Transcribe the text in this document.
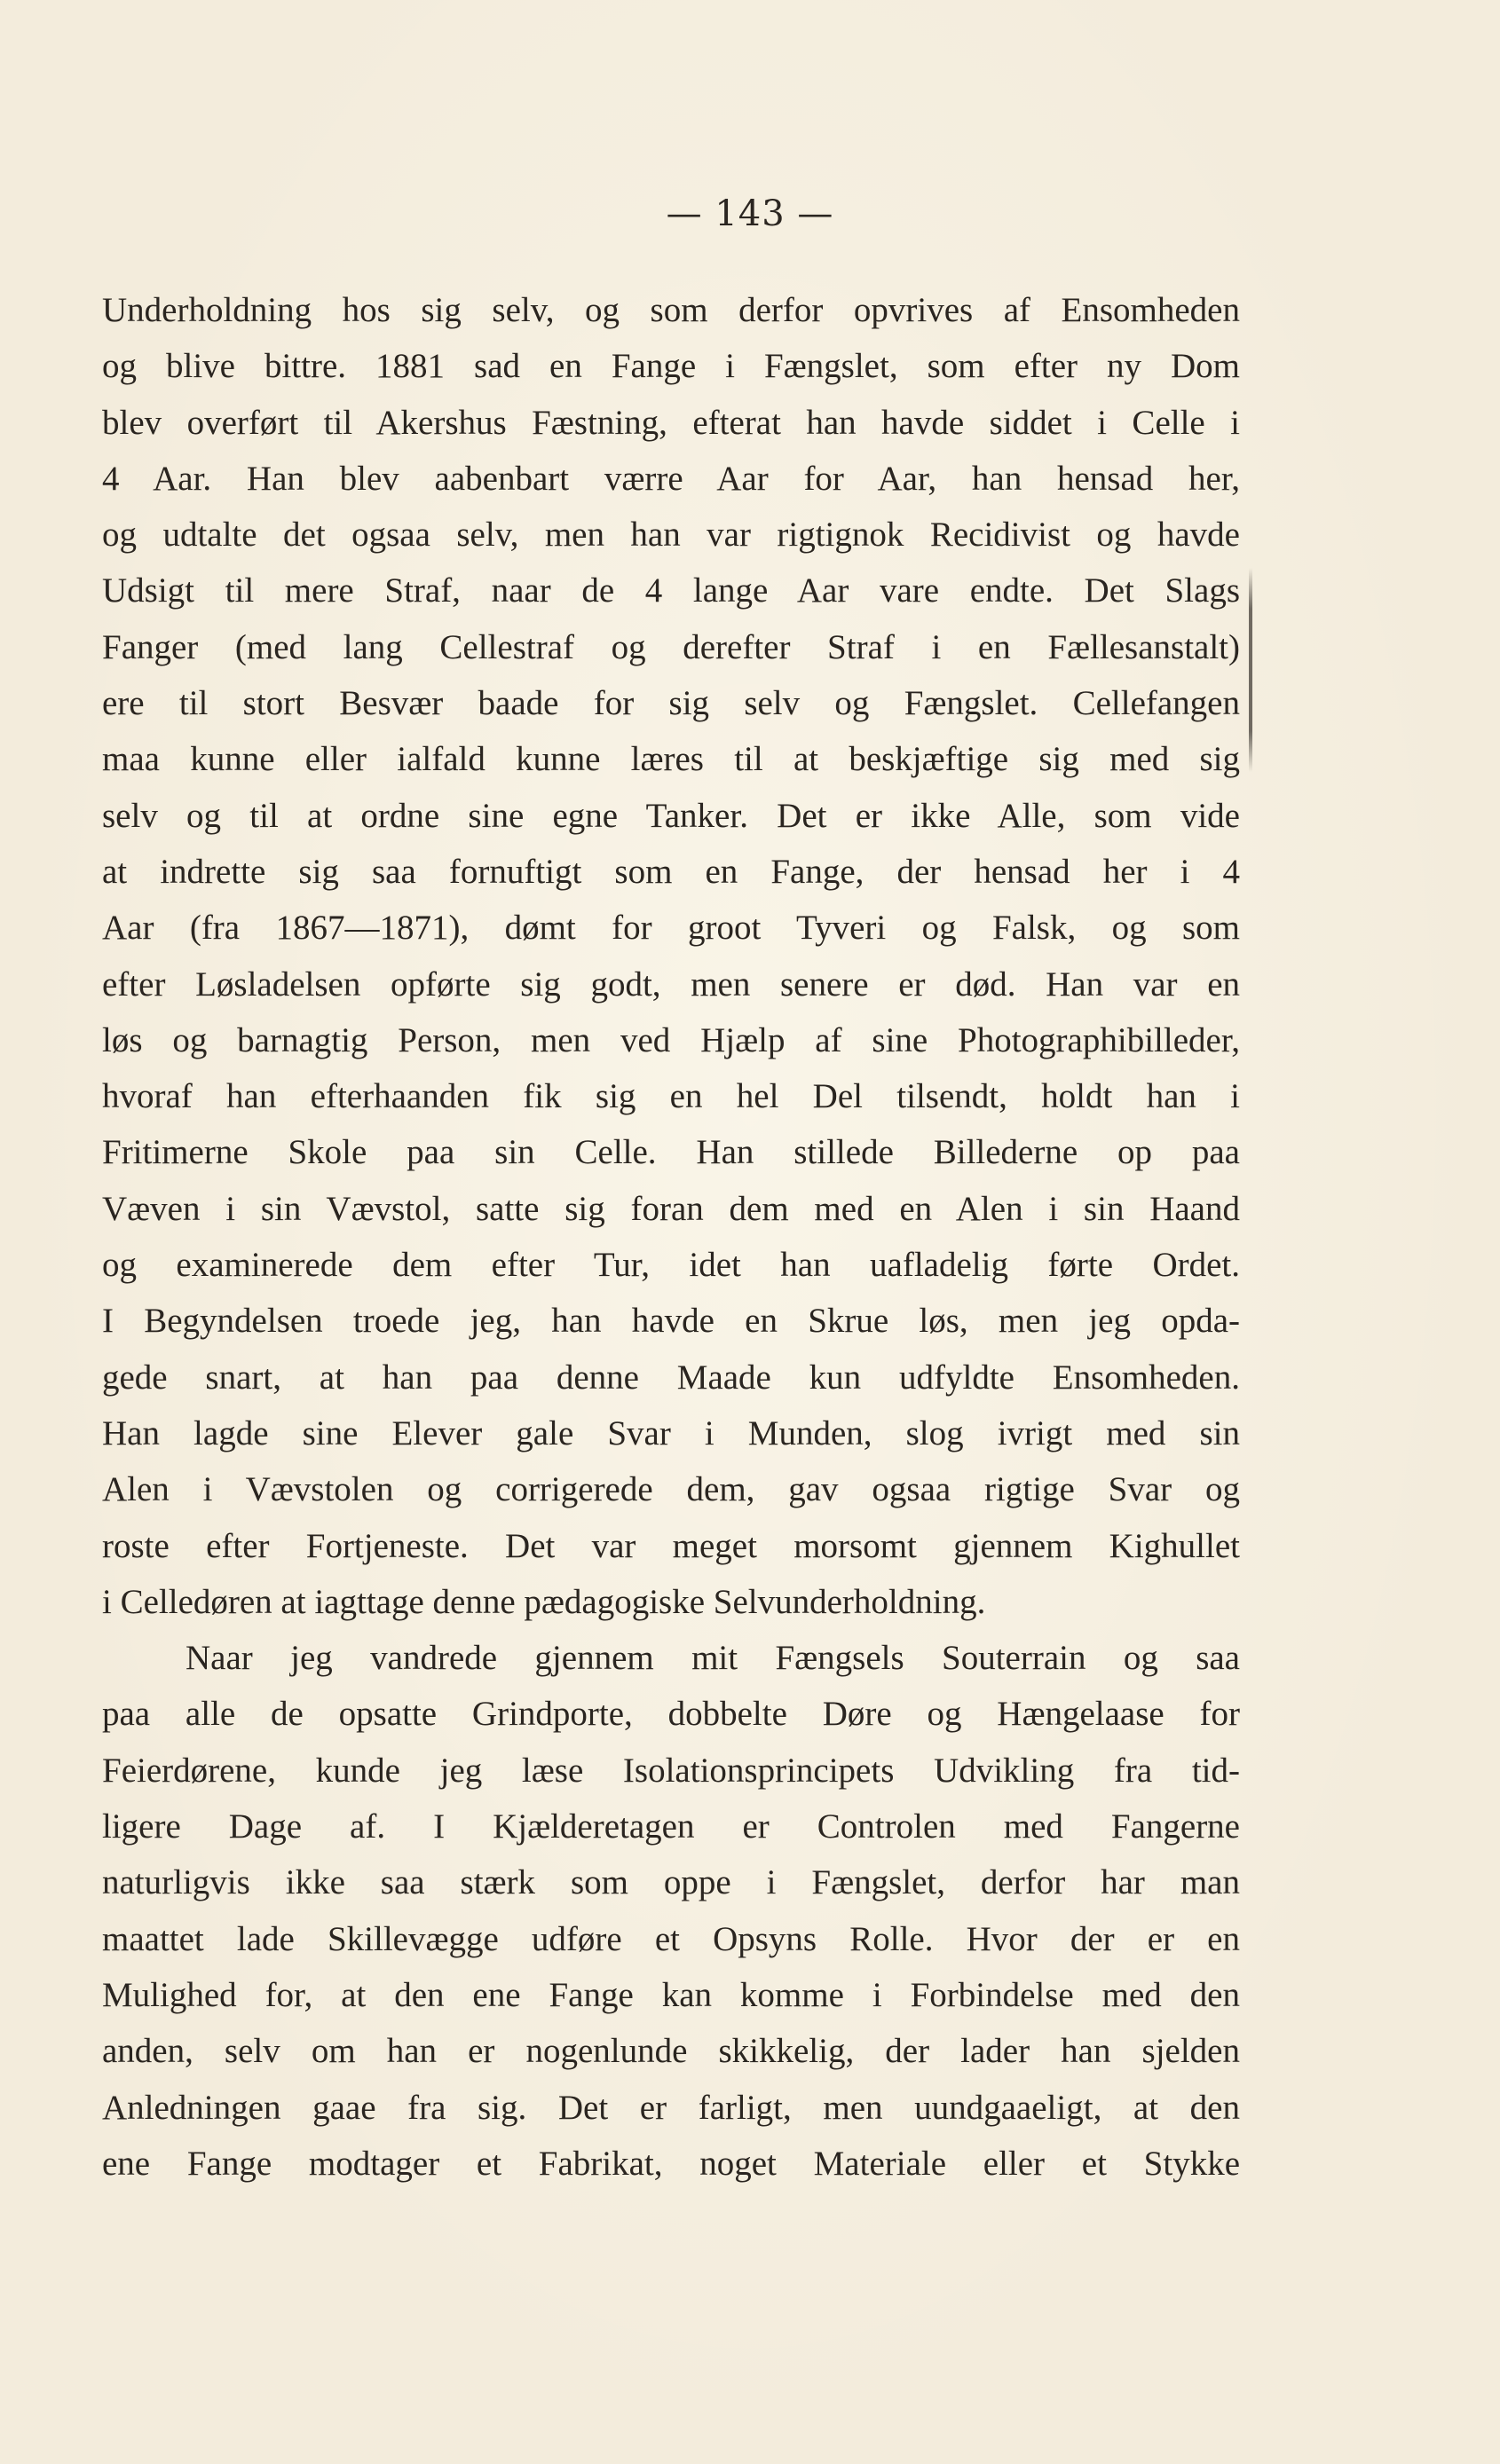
— 143 —
Underholdning hos sig selv, og som derfor opvrives af Ensomheden
og blive bittre. 1881 sad en Fange i Fængslet, som efter ny Dom
blev overført til Akershus Fæstning, efterat han havde siddet i Celle i
4 Aar. Han blev aabenbart værre Aar for Aar, han hensad her,
og udtalte det ogsaa selv, men han var rigtignok Recidivist og havde
Udsigt til mere Straf, naar de 4 lange Aar vare endte. Det Slags
Fanger (med lang Cellestraf og derefter Straf i en Fællesanstalt)
ere til stort Besvær baade for sig selv og Fængslet. Cellefangen
maa kunne eller ialfald kunne læres til at beskjæftige sig med sig
selv og til at ordne sine egne Tanker. Det er ikke Alle, som vide
at indrette sig saa fornuftigt som en Fange, der hensad her i 4
Aar (fra 1867—1871), dømt for groot Tyveri og Falsk, og som
efter Løsladelsen opførte sig godt, men senere er død. Han var en
løs og barnagtig Person, men ved Hjælp af sine Photographibilleder,
hvoraf han efterhaanden fik sig en hel Del tilsendt, holdt han i
Fritimerne Skole paa sin Celle. Han stillede Billederne op paa
Væven i sin Vævstol, satte sig foran dem med en Alen i sin Haand
og examinerede dem efter Tur, idet han uafladelig førte Ordet.
I Begyndelsen troede jeg, han havde en Skrue løs, men jeg opda-
gede snart, at han paa denne Maade kun udfyldte Ensomheden.
Han lagde sine Elever gale Svar i Munden, slog ivrigt med sin
Alen i Vævstolen og corrigerede dem, gav ogsaa rigtige Svar og
roste efter Fortjeneste. Det var meget morsomt gjennem Kighullet
i Celledøren at iagttage denne pædagogiske Selvunderholdning.
Naar jeg vandrede gjennem mit Fængsels Souterrain og saa
paa alle de opsatte Grindporte, dobbelte Døre og Hængelaase for
Feierdørene, kunde jeg læse Isolationsprincipets Udvikling fra tid-
ligere Dage af. I Kjælderetagen er Controlen med Fangerne
naturligvis ikke saa stærk som oppe i Fængslet, derfor har man
maattet lade Skillevægge udføre et Opsyns Rolle. Hvor der er en
Mulighed for, at den ene Fange kan komme i Forbindelse med den
anden, selv om han er nogenlunde skikkelig, der lader han sjelden
Anledningen gaae fra sig. Det er farligt, men uundgaaeligt, at den
ene Fange modtager et Fabrikat, noget Materiale eller et Stykke
